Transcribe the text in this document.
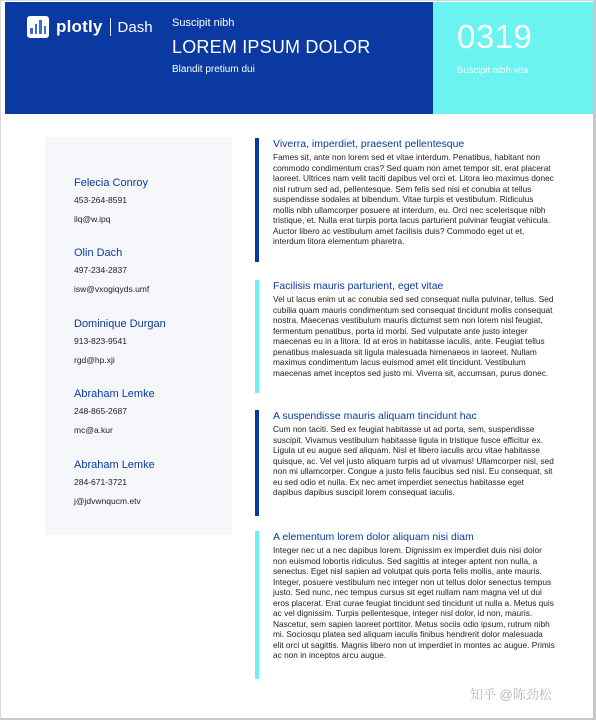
plotly Dash Suscipit nibh
LOREM IPSUM DOLOR
Blandit pretium dui
0319
Suscipit nibh vita
Felecia Conroy
453-264-8591
ilq@w.ipq
Olin Dach
497-234-2837
isw@vxogiqyds.umf
Dominique Durgan
913-823-9541
rgd@hp.xji
Abraham Lemke
248-865-2687
mc@a.kur
Abraham Lemke
284-671-3721
j@jdvwnqucm.etv
Viverra, imperdiet, praesent pellentesque
Fames sit, ante non lorem sed et vitae interdum. Penatibus, habitant non commodo condimentum cras? Sed quam non amet tempor sit, erat placerat laoreet. Ultrices nam velit taciti dapibus vel orci et. Litora leo maximus donec nisl rutrum sed ad, pellentesque. Sem felis sed nisi et conubia at tellus suspendisse sodales at bibendum. Vitae turpis et vestibulum. Ridiculus mollis nibh ullamcorper posuere at interdum, eu. Orci nec scelerisque nibh tristique, et. Nulla erat turpis porta lacus parturient pulvinar feugiat vehicula. Auctor libero ac vestibulum amet facilisis duis? Commodo eget ut et, interdum litora elementum pharetra.
Facilisis mauris parturient, eget vitae
Vel ut lacus enim ut ac conubia sed sed consequat nulla pulvinar, tellus. Sed cubilia quam mauris condimentum sed consequat tincidunt mollis consequat nostra. Maecenas vestibulum mauris dictumst sem non lorem nisl feugiat, fermentum penatibus, porta id morbi. Sed vulputate ante justo integer maecenas eu in a litora. Id at eros in habitasse iaculis, ante. Feugiat tellus penatibus malesuada sit ligula malesuada himenaeos in laoreet. Nullam maximus condimentum lacus euismod amet elit tincidunt. Vestibulum maecenas amet inceptos sed justo mi. Viverra sit, accumsan, purus donec.
A suspendisse mauris aliquam tincidunt hac
Cum non taciti. Sed ex feugiat habitasse ut ad porta, sem, suspendisse suscipit. Vivamus vestibulum habitasse ligula in tristique fusce efficitur ex. Ligula ut eu augue sed aliquam. Nisl et libero iaculis arcu vitae habitasse quisque, ac. Vel vel justo aliquam turpis ad ut vivamus! Ullamcorper nisl, sed non mi ullamcorper. Congue a justo felis faucibus sed nisl. Eu consequat, sit eu sed odio et nulla. Ex nec amet imperdiet senectus habitasse eget dapibus dapibus suscipit lorem consequat iaculis.
A elementum lorem dolor aliquam nisi diam
Integer nec ut a nec dapibus lorem. Dignissim ex imperdiet duis nisi dolor non euismod lobortis ridiculus. Sed sagittis at integer aptent non nulla, a senectus. Eget nisl sapien ad volutpat quis porta felis mollis, ante mauris. Integer, posuere vestibulum nec integer non ut tellus dolor senectus tempus justo. Sed nunc, nec tempus cursus sit eget nullam nam magna vel ut dui eros placerat. Erat curae feugiat tincidunt sed tincidunt ut nulla a. Metus quis ac vel dignissim. Turpis pellentesque, integer nisl dolor, id non, mauris. Nascetur, sem sapien laoreet porttitor. Metus sociis odio ipsum, rutrum nibh mi. Sociosqu platea sed aliquam iaculis finibus hendrerit dolor malesuada elit orci ut sagittis. Magnis libero non ut imperdiet in montes ac augue. Primis ac non in inceptos arcu augue.
知乎 @陈劲松
